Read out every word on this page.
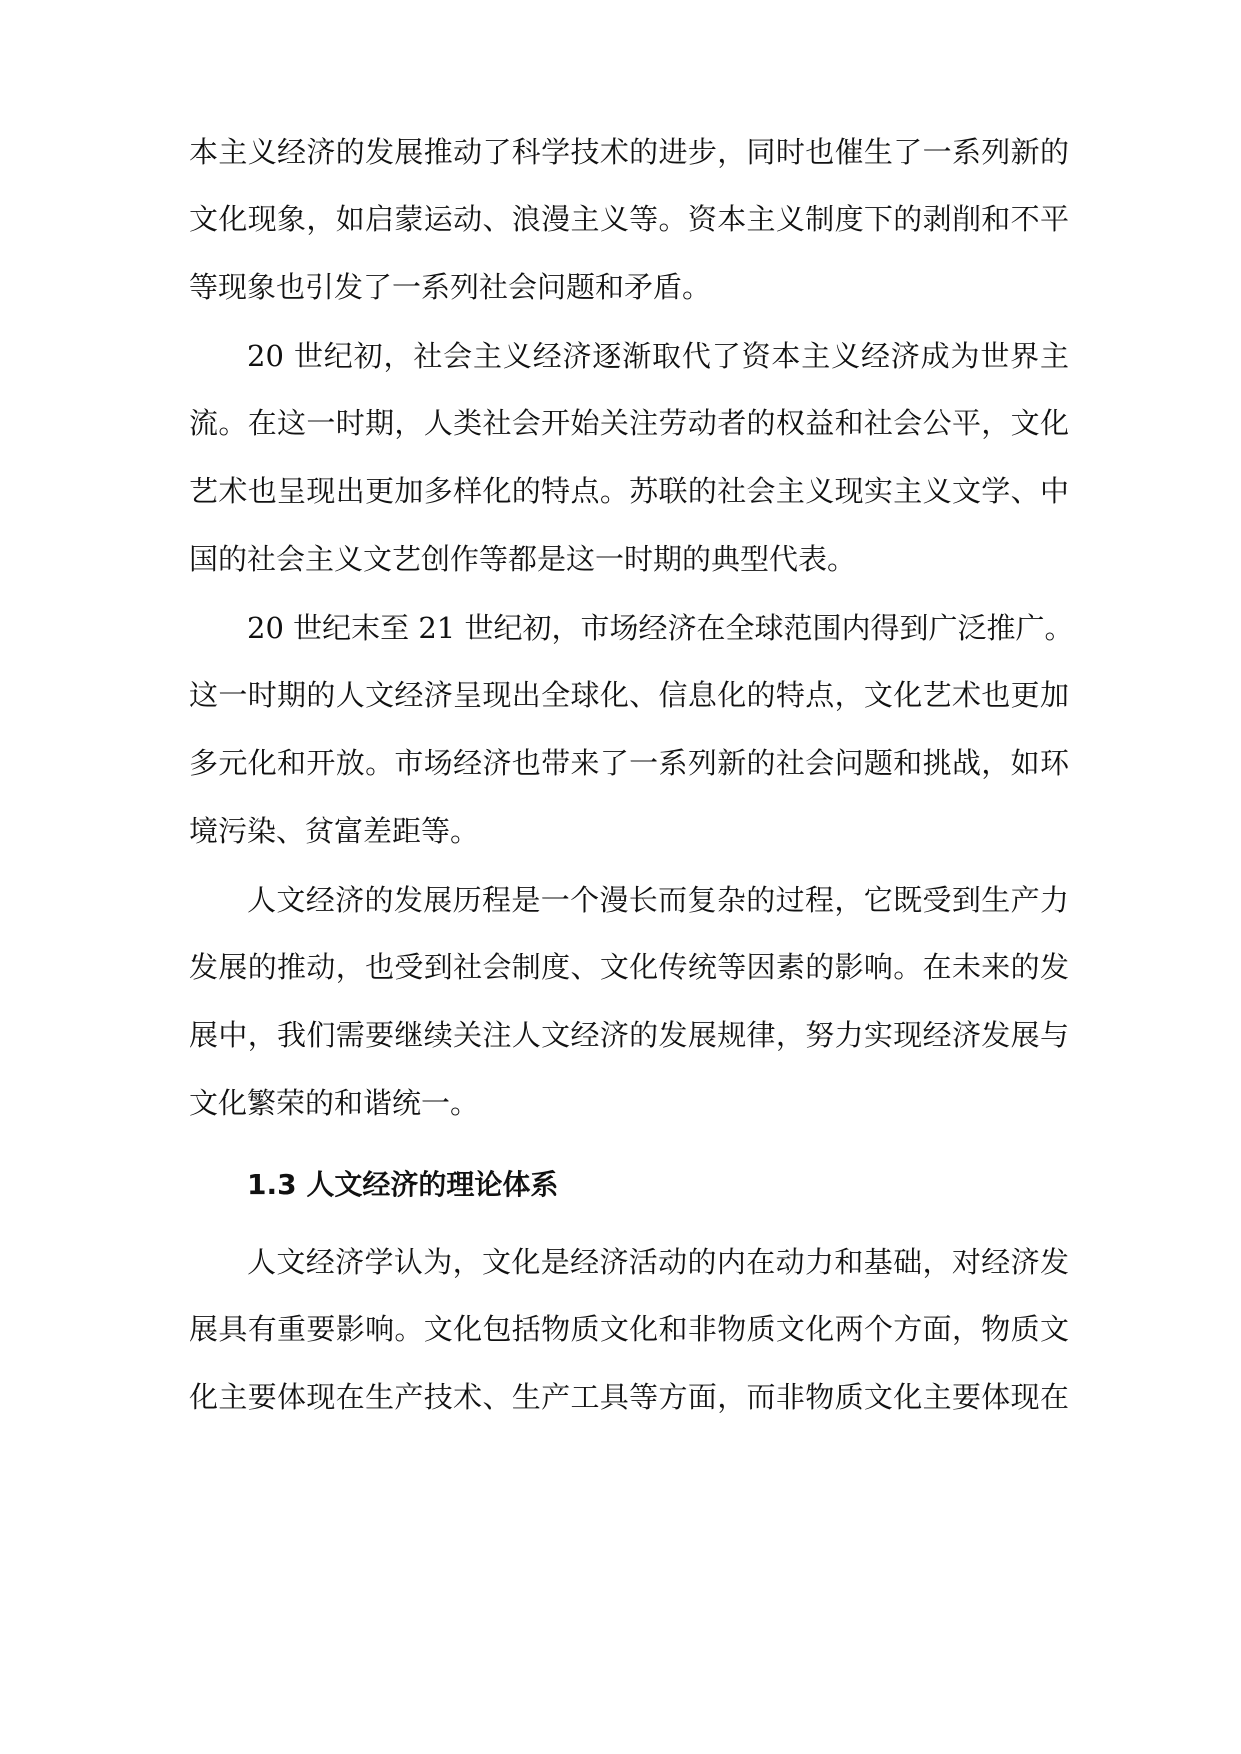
本主义经济的发展推动了科学技术的进步，同时也催生了一系列新的
文化现象，如启蒙运动、浪漫主义等。资本主义制度下的剥削和不平
等现象也引发了一系列社会问题和矛盾。
20 世纪初，社会主义经济逐渐取代了资本主义经济成为世界主
流。在这一时期，人类社会开始关注劳动者的权益和社会公平，文化
艺术也呈现出更加多样化的特点。苏联的社会主义现实主义文学、中
国的社会主义文艺创作等都是这一时期的典型代表。
20 世纪末至 21 世纪初，市场经济在全球范围内得到广泛推广。
这一时期的人文经济呈现出全球化、信息化的特点，文化艺术也更加
多元化和开放。市场经济也带来了一系列新的社会问题和挑战，如环
境污染、贫富差距等。
人文经济的发展历程是一个漫长而复杂的过程，它既受到生产力
发展的推动，也受到社会制度、文化传统等因素的影响。在未来的发
展中，我们需要继续关注人文经济的发展规律，努力实现经济发展与
文化繁荣的和谐统一。
1.3 人文经济的理论体系
人文经济学认为，文化是经济活动的内在动力和基础，对经济发
展具有重要影响。文化包括物质文化和非物质文化两个方面，物质文
化主要体现在生产技术、生产工具等方面，而非物质文化主要体现在
